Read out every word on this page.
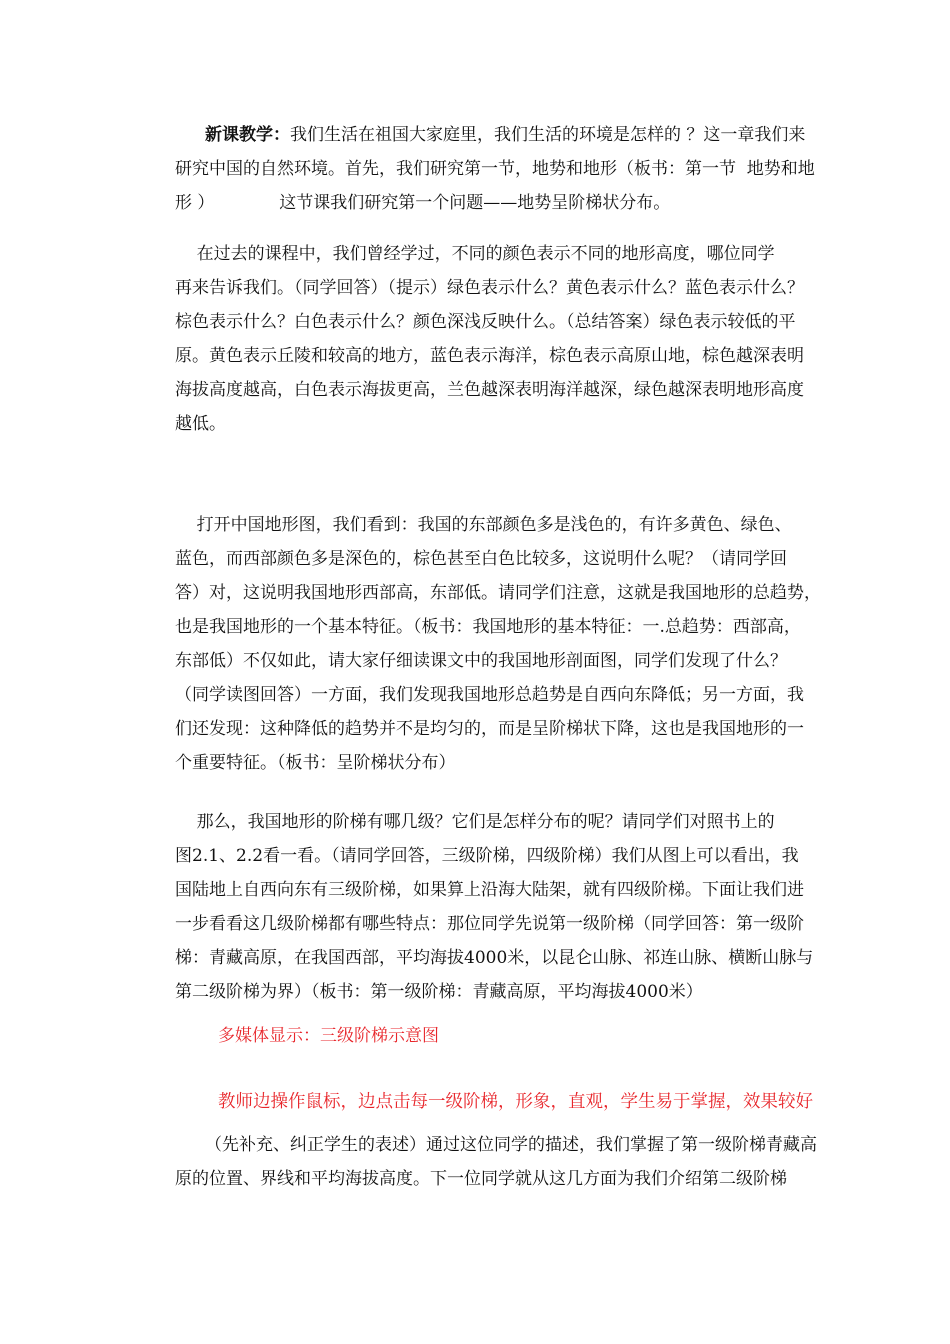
新课教学：我们生活在祖国大家庭里，我们生活的环境是怎样的 ？这一章我们来
研究中国的自然环境。首先，我们研究第一节，地势和地形（板书：第一节  地势和地
形 ）            这节课我们研究第一个问题——地势呈阶梯状分布。
在过去的课程中，我们曾经学过，不同的颜色表示不同的地形高度，哪位同学
再来告诉我们。（同学回答）（提示）绿色表示什么？黄色表示什么？蓝色表示什么？
棕色表示什么？白色表示什么？颜色深浅反映什么。（总结答案）绿色表示较低的平
原。黄色表示丘陵和较高的地方，蓝色表示海洋，棕色表示高原山地，棕色越深表明
海拔高度越高，白色表示海拔更高，兰色越深表明海洋越深，绿色越深表明地形高度
越低。
打开中国地形图，我们看到：我国的东部颜色多是浅色的，有许多黄色、绿色、
蓝色，而西部颜色多是深色的，棕色甚至白色比较多，这说明什么呢？（请同学回
答）对，这说明我国地形西部高，东部低。请同学们注意，这就是我国地形的总趋势，
也是我国地形的一个基本特征。（板书：我国地形的基本特征：一.总趋势：西部高，
东部低）不仅如此，请大家仔细读课文中的我国地形剖面图，同学们发现了什么？
（同学读图回答）一方面，我们发现我国地形总趋势是自西向东降低；另一方面，我
们还发现：这种降低的趋势并不是均匀的，而是呈阶梯状下降，这也是我国地形的一
个重要特征。（板书：呈阶梯状分布）
那么，我国地形的阶梯有哪几级？它们是怎样分布的呢？请同学们对照书上的
图2.1、2.2看一看。（请同学回答，三级阶梯，四级阶梯）我们从图上可以看出，我
国陆地上自西向东有三级阶梯，如果算上沿海大陆架，就有四级阶梯。下面让我们进
一步看看这几级阶梯都有哪些特点：那位同学先说第一级阶梯（同学回答：第一级阶
梯：青藏高原，在我国西部，平均海拔4000米，以昆仑山脉、祁连山脉、横断山脉与
第二级阶梯为界）（板书：第一级阶梯：青藏高原，平均海拔4000米）
多媒体显示：三级阶梯示意图
教师边操作鼠标，边点击每一级阶梯，形象，直观，学生易于掌握，效果较好
（先补充、纠正学生的表述）通过这位同学的描述，我们掌握了第一级阶梯青藏高
原的位置、界线和平均海拔高度。下一位同学就从这几方面为我们介绍第二级阶梯
